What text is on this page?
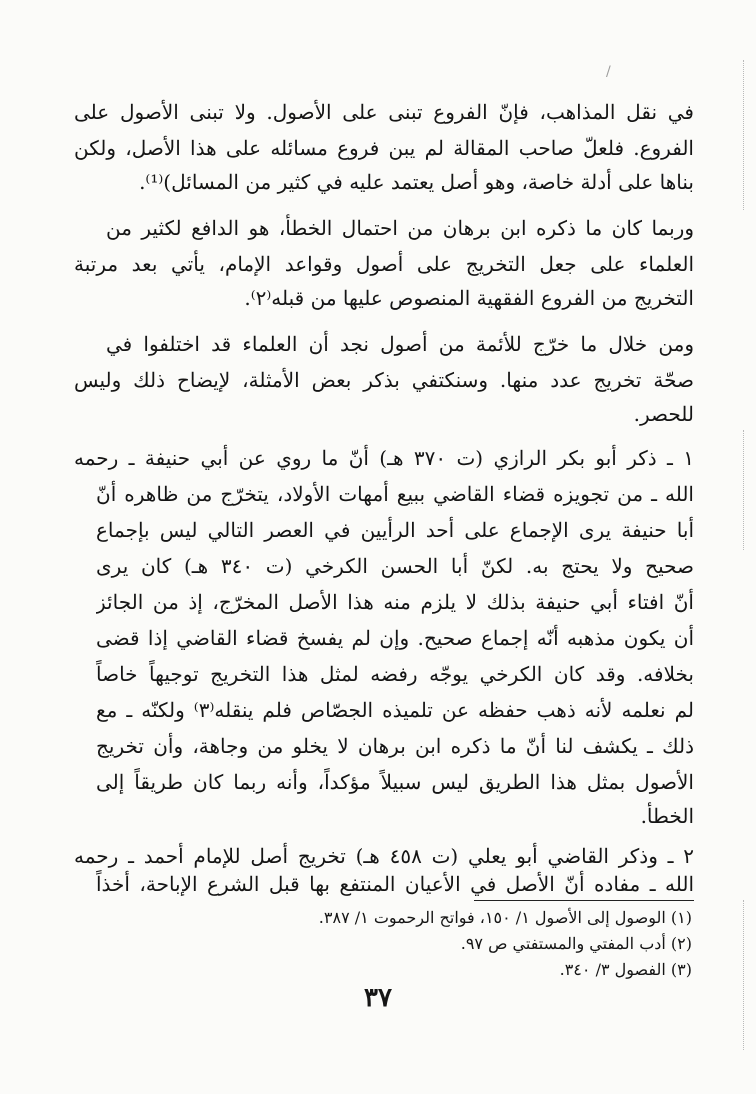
/
في نقل المذاهب، فإنّ الفروع تبنى على الأصول. ولا تبنى الأصول على
الفروع. فلعلّ صاحب المقالة لم يبن فروع مسائله على هذا الأصل، ولكن
بناها على أدلة خاصة، وهو أصل يعتمد عليه في كثير من المسائل)⁽¹⁾.
وربما كان ما ذكره ابن برهان من احتمال الخطأ، هو الدافع لكثير من
العلماء على جعل التخريج على أصول وقواعد الإمام، يأتي بعد مرتبة
التخريج من الفروع الفقهية المنصوص عليها من قبله⁽٢⁾.
ومن خلال ما خرّج للأئمة من أصول نجد أن العلماء قد اختلفوا في
صحّة تخريج عدد منها. وسنكتفي بذكر بعض الأمثلة، لإيضاح ذلك وليس
للحصر.
١ ـ ذكر أبو بكر الرازي (ت ٣٧٠ هـ) أنّ ما روي عن أبي حنيفة ـ رحمه
الله ـ من تجويزه قضاء القاضي ببيع أمهات الأولاد، يتخرّج من ظاهره أنّ
أبا حنيفة يرى الإجماع على أحد الرأيين في العصر التالي ليس بإجماع
صحيح ولا يحتج به. لكنّ أبا الحسن الكرخي (ت ٣٤٠ هـ) كان يرى
أنّ افتاء أبي حنيفة بذلك لا يلزم منه هذا الأصل المخرّج، إذ من الجائز
أن يكون مذهبه أنّه إجماع صحيح. وإن لم يفسخ قضاء القاضي إذا قضى
بخلافه. وقد كان الكرخي يوجّه رفضه لمثل هذا التخريج توجيهاً خاصاً
لم نعلمه لأنه ذهب حفظه عن تلميذه الجصّاص فلم ينقله⁽٣⁾ ولكنّه ـ مع
ذلك ـ يكشف لنا أنّ ما ذكره ابن برهان لا يخلو من وجاهة، وأن تخريج
الأصول بمثل هذا الطريق ليس سبيلاً مؤكداً، وأنه ربما كان طريقاً إلى
الخطأ.
٢ ـ وذكر القاضي أبو يعلي (ت ٤٥٨ هـ) تخريج أصل للإمام أحمد ـ رحمه
الله ـ مفاده أنّ الأصل في الأعيان المنتفع بها قبل الشرع الإباحة، أخذاً
(١) الوصول إلى الأصول ١/ ١٥٠، فواتح الرحموت ١/ ٣٨٧.
(٢) أدب المفتي والمستفتي ص ٩٧.
(٣) الفصول ٣/ ٣٤٠.
٣٧
